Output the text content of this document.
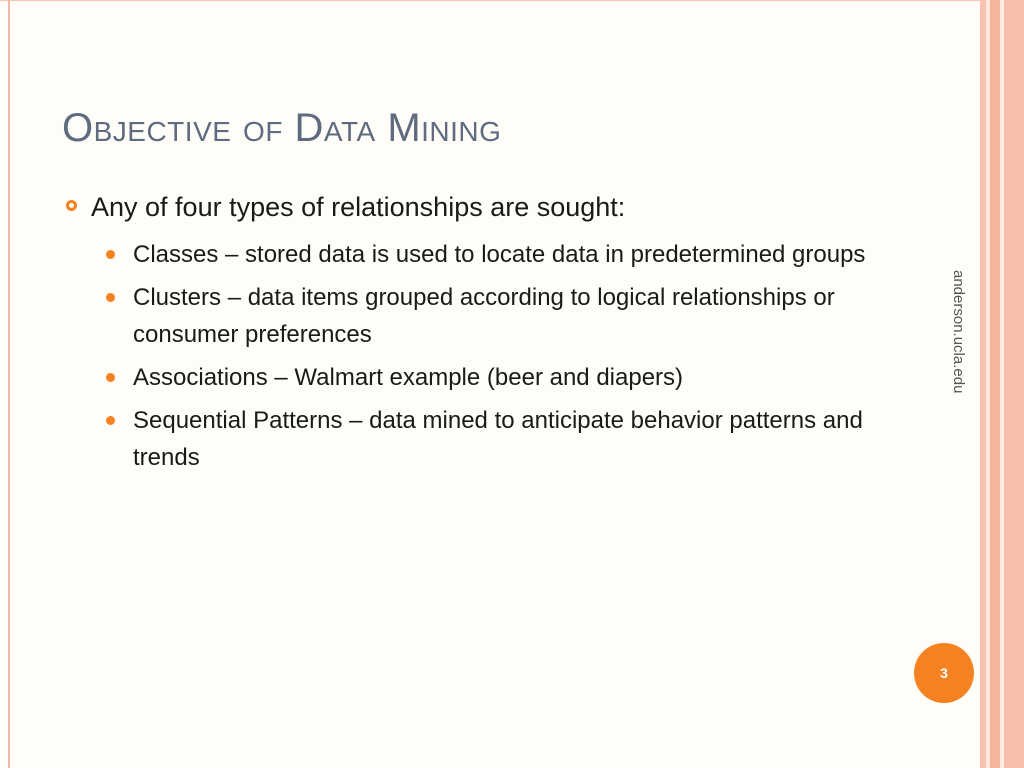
Objective of Data Mining
Any of four types of relationships are sought:
Classes – stored data is used to locate data in predetermined groups
Clusters – data items grouped according to logical relationships or consumer preferences
Associations – Walmart example (beer and diapers)
Sequential Patterns – data mined to anticipate behavior patterns and trends
anderson.ucla.edu
3
